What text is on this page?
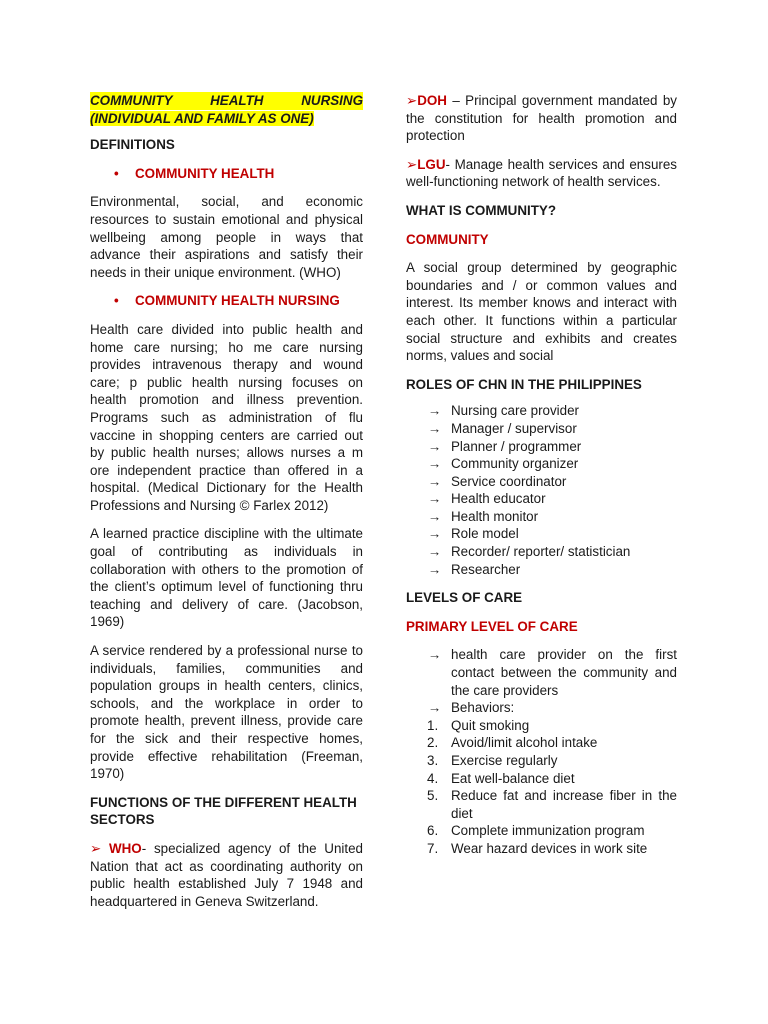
COMMUNITY HEALTH NURSING
(INDIVIDUAL AND FAMILY AS ONE)

DEFINITIONS

• COMMUNITY HEALTH

Environmental, social, and economic resources to sustain emotional and physical wellbeing among people in ways that advance their aspirations and satisfy their needs in their unique environment. (WHO)

• COMMUNITY HEALTH NURSING

Health care divided into public health and home care nursing; ho me care nursing provides intravenous therapy and wound care; p public health nursing focuses on health promotion and illness prevention. Programs such as administration of flu vaccine in shopping centers are carried out by public health nurses; allows nurses a m ore independent practice than offered in a hospital. (Medical Dictionary for the Health Professions and Nursing © Farlex 2012)

A learned practice discipline with the ultimate goal of contributing as individuals in collaboration with others to the promotion of the client’s optimum level of functioning thru teaching and delivery of care. (Jacobson, 1969)

A service rendered by a professional nurse to individuals, families, communities and population groups in health centers, clinics, schools, and the workplace in order to promote health, prevent illness, provide care for the sick and their respective homes, provide effective rehabilitation (Freeman, 1970)

FUNCTIONS OF THE DIFFERENT HEALTH SECTORS

➢ WHO- specialized agency of the United Nation that act as coordinating authority on public health established July 7 1948 and headquartered in Geneva Switzerland.

➢DOH – Principal government mandated by the constitution for health promotion and protection

➢LGU- Manage health services and ensures well-functioning network of health services.

WHAT IS COMMUNITY?

COMMUNITY

A social group determined by geographic boundaries and / or common values and interest. Its member knows and interact with each other. It functions within a particular social structure and exhibits and creates norms, values and social

ROLES OF CHN IN THE PHILIPPINES

→ Nursing care provider
→ Manager / supervisor
→ Planner / programmer
→ Community organizer
→ Service coordinator
→ Health educator
→ Health monitor
→ Role model
→ Recorder/ reporter/ statistician
→ Researcher

LEVELS OF CARE

PRIMARY LEVEL OF CARE

→ health care provider on the first contact between the community and the care providers
→ Behaviors:
1. Quit smoking
2. Avoid/limit alcohol intake
3. Exercise regularly
4. Eat well-balance diet
5. Reduce fat and increase fiber in the diet
6. Complete immunization program
7. Wear hazard devices in work site
